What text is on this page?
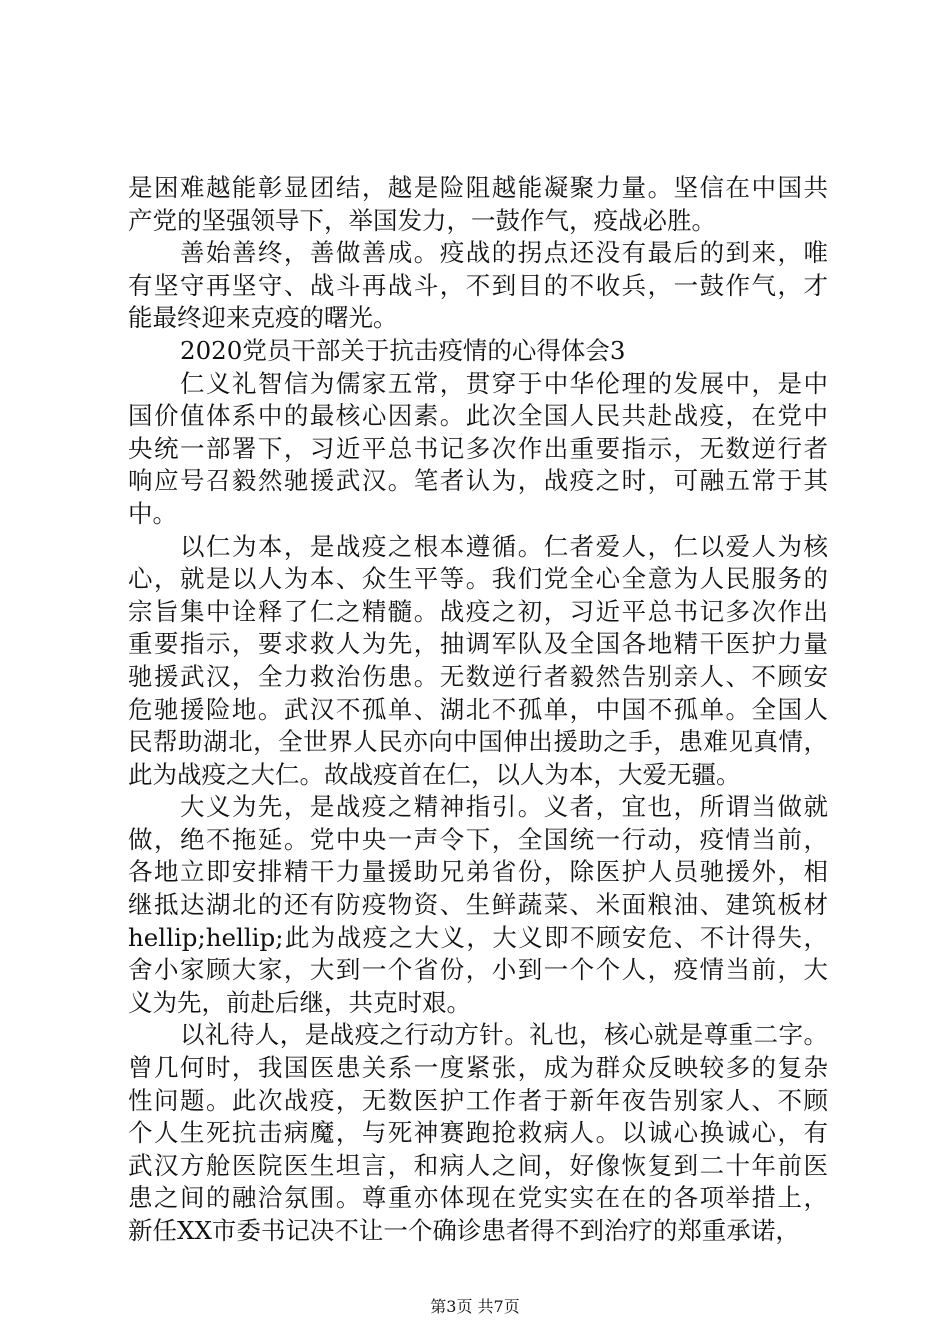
是困难越能彰显团结，越是险阻越能凝聚力量。坚信在中国共
产党的坚强领导下，举国发力，一鼓作气，疫战必胜。
善始善终，善做善成。疫战的拐点还没有最后的到来，唯
有坚守再坚守、战斗再战斗，不到目的不收兵，一鼓作气，才
能最终迎来克疫的曙光。
2020党员干部关于抗击疫情的心得体会3
仁义礼智信为儒家五常，贯穿于中华伦理的发展中，是中
国价值体系中的最核心因素。此次全国人民共赴战疫，在党中
央统一部署下，习近平总书记多次作出重要指示，无数逆行者
响应号召毅然驰援武汉。笔者认为，战疫之时，可融五常于其
中。
以仁为本，是战疫之根本遵循。仁者爱人，仁以爱人为核
心，就是以人为本、众生平等。我们党全心全意为人民服务的
宗旨集中诠释了仁之精髓。战疫之初，习近平总书记多次作出
重要指示，要求救人为先，抽调军队及全国各地精干医护力量
驰援武汉，全力救治伤患。无数逆行者毅然告别亲人、不顾安
危驰援险地。武汉不孤单、湖北不孤单，中国不孤单。全国人
民帮助湖北，全世界人民亦向中国伸出援助之手，患难见真情，
此为战疫之大仁。故战疫首在仁，以人为本，大爱无疆。
大义为先，是战疫之精神指引。义者，宜也，所谓当做就
做，绝不拖延。党中央一声令下，全国统一行动，疫情当前，
各地立即安排精干力量援助兄弟省份，除医护人员驰援外，相
继抵达湖北的还有防疫物资、生鲜蔬菜、米面粮油、建筑板材
hellip;hellip;此为战疫之大义，大义即不顾安危、不计得失，
舍小家顾大家，大到一个省份，小到一个个人，疫情当前，大
义为先，前赴后继，共克时艰。
以礼待人，是战疫之行动方针。礼也，核心就是尊重二字。
曾几何时，我国医患关系一度紧张，成为群众反映较多的复杂
性问题。此次战疫，无数医护工作者于新年夜告别家人、不顾
个人生死抗击病魔，与死神赛跑抢救病人。以诚心换诚心，有
武汉方舱医院医生坦言，和病人之间，好像恢复到二十年前医
患之间的融洽氛围。尊重亦体现在党实实在在的各项举措上，
新任XX市委书记决不让一个确诊患者得不到治疗的郑重承诺，
第3页 共7页
